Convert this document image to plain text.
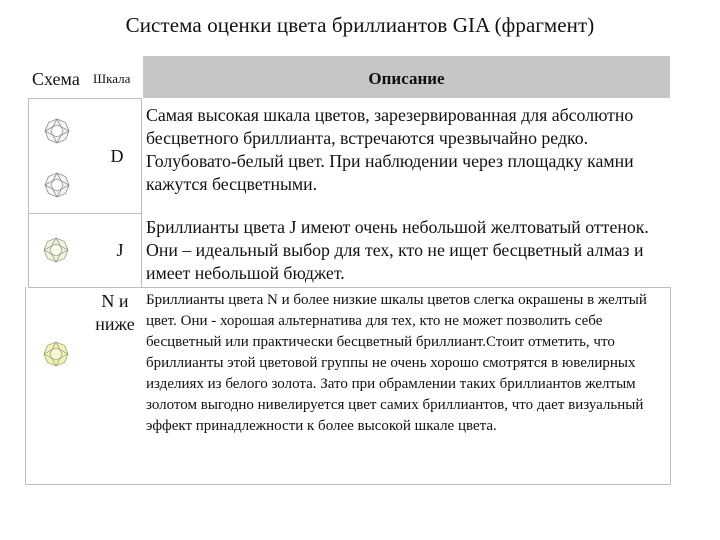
Система оценки цвета бриллиантов GIA (фрагмент)
Схема Шкала	Описание
D

Самая высокая шкала цветов, зарезервированная для абсолютно бесцветного бриллианта, встречаются чрезвычайно редко. Голубовато-белый цвет. При наблюдении через площадку камни кажутся бесцветными.

J

Бриллианты цвета J имеют очень небольшой желтоватый оттенок. Они – идеальный выбор для тех, кто не ищет бесцветный алмаз и имеет небольшой бюджет.

N и
ниже

Бриллианты цвета N и более низкие шкалы цветов слегка окрашены в желтый цвет. Они - хорошая альтернатива для тех, кто не может позволить себе бесцветный или практически бесцветный бриллиант.Стоит отметить, что бриллианты этой цветовой группы не очень хорошо смотрятся в ювелирных изделиях из белого золота. Зато при обрамлении таких бриллиантов желтым золотом выгодно нивелируется цвет самих бриллиантов, что дает визуальный эффект принадлежности к более высокой шкале цвета.
